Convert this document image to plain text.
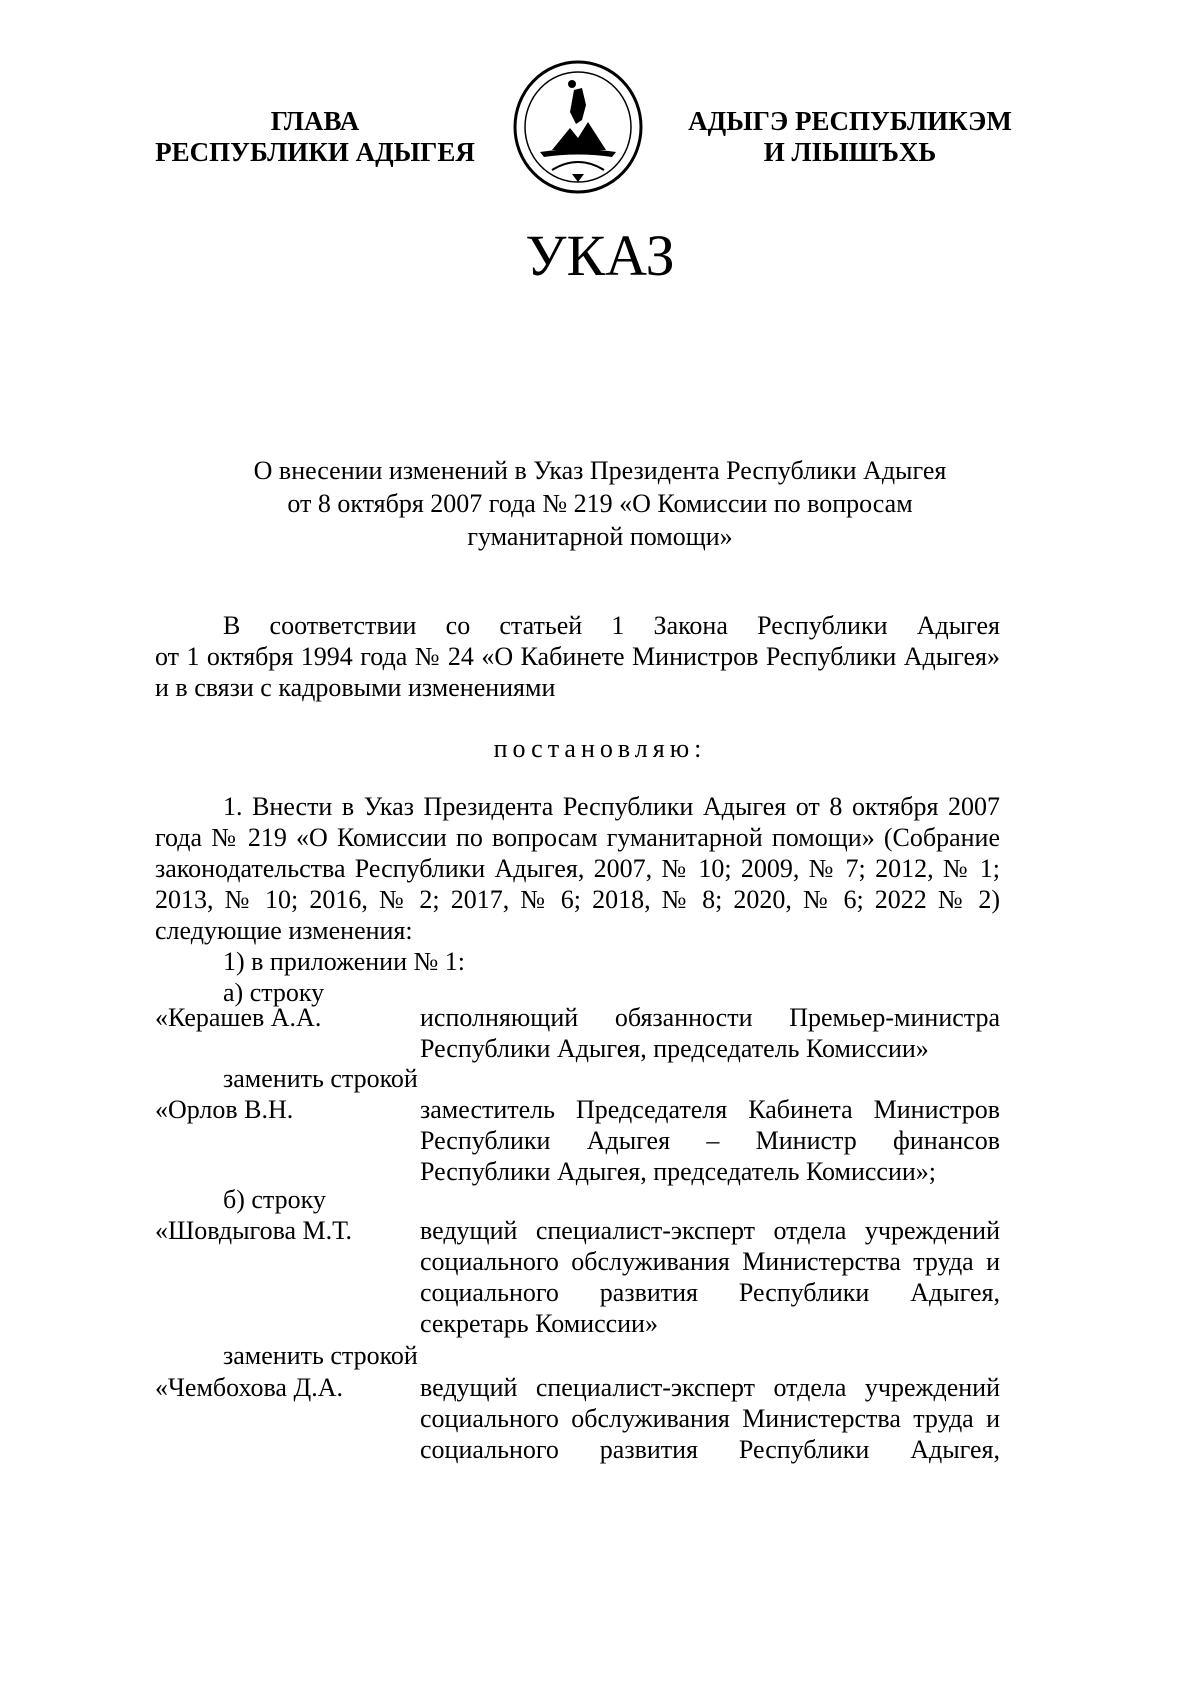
ГЛАВА
РЕСПУБЛИКИ АДЫГЕЯ
АДЫГЭ РЕСПУБЛИКЭМ
И ЛІЫШЪХЬ
УКАЗ
О внесении изменений в Указ Президента Республики Адыгея
от 8 октября 2007 года № 219 «О Комиссии по вопросам
гуманитарной помощи»
В соответствии со статьей 1 Закона Республики Адыгея
от 1 октября 1994 года № 24 «О Кабинете Министров Республики Адыгея»
и в связи с кадровыми изменениями
постановляю:
1. Внести в Указ Президента Республики Адыгея от 8 октября 2007
года № 219 «О Комиссии по вопросам гуманитарной помощи» (Собрание
законодательства Республики Адыгея, 2007, № 10; 2009, № 7; 2012, № 1;
2013, № 10; 2016, № 2; 2017, № 6; 2018, № 8; 2020, № 6; 2022 № 2)
следующие изменения:
1) в приложении № 1:
а) строку
«Керашев А.А.	исполняющий обязанности Премьер-министра
Республики Адыгея, председатель Комиссии»
заменить строкой
«Орлов В.Н.	заместитель Председателя Кабинета Министров
Республики Адыгея – Министр финансов
Республики Адыгея, председатель Комиссии»;
б) строку
«Шовдыгова М.Т.	ведущий специалист-эксперт отдела учреждений
социального обслуживания Министерства труда и
социального развития Республики Адыгея,
секретарь Комиссии»
заменить строкой
«Чембохова Д.А.	ведущий специалист-эксперт отдела учреждений
социального обслуживания Министерства труда и
социального развития Республики Адыгея,
